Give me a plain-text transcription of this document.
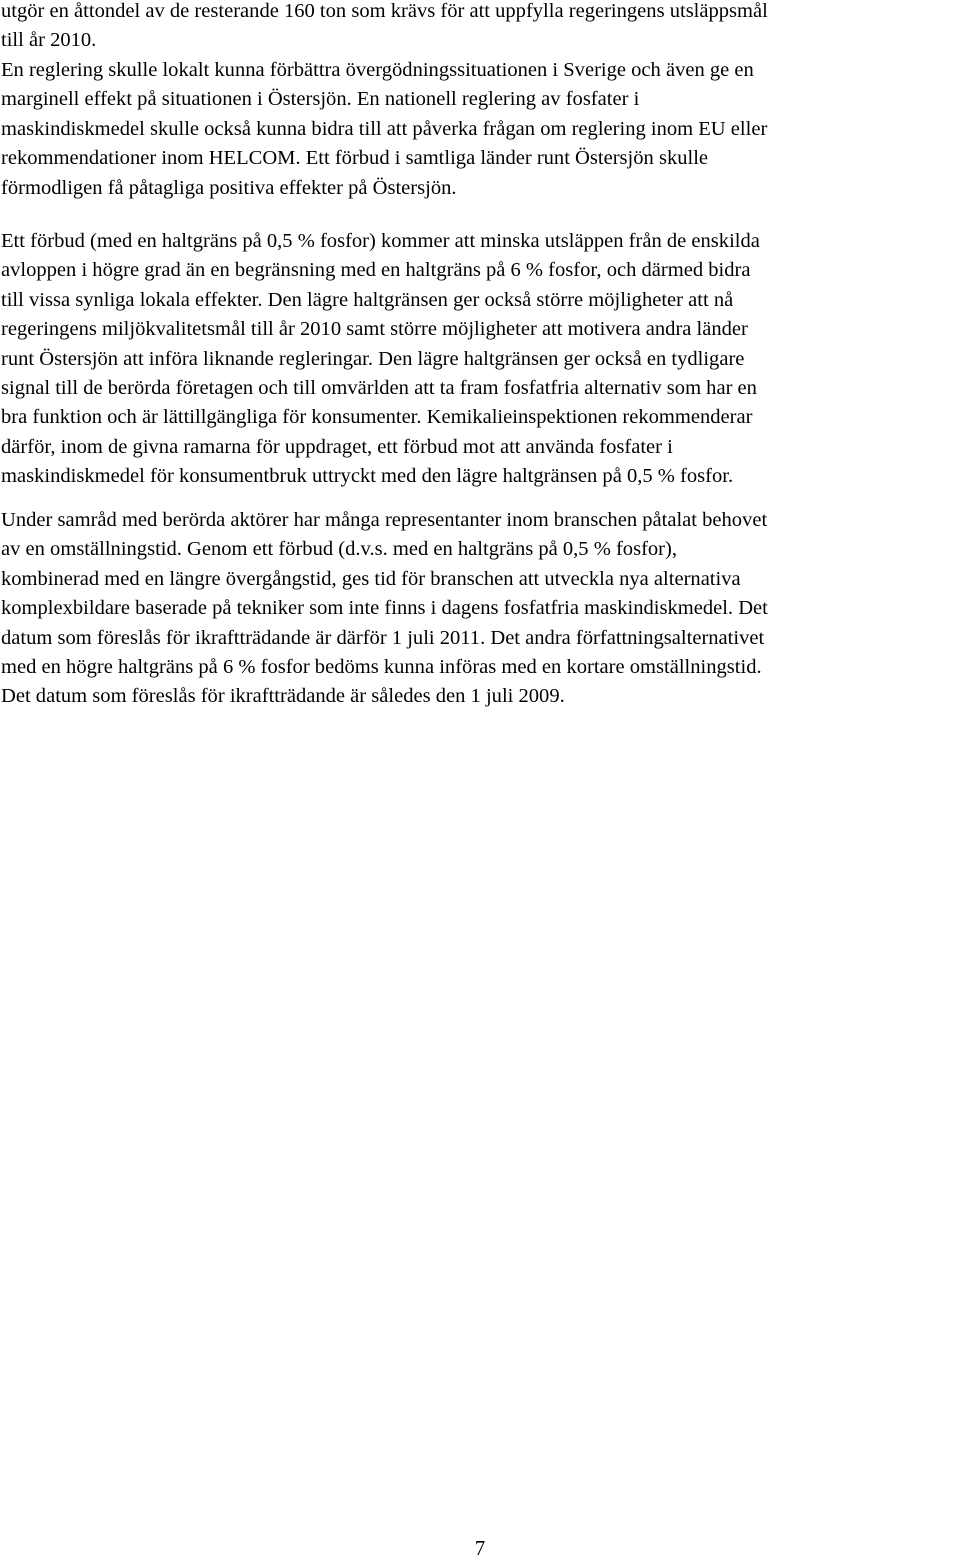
utgör en åttondel av de resterande 160 ton som krävs för att uppfylla regeringens utsläppsmål
till år 2010.

En reglering skulle lokalt kunna förbättra övergödningssituationen i Sverige och även ge en
marginell effekt på situationen i Östersjön. En nationell reglering av fosfater i
maskindiskmedel skulle också kunna bidra till att påverka frågan om reglering inom EU eller
rekommendationer inom HELCOM. Ett förbud i samtliga länder runt Östersjön skulle
förmodligen få påtagliga positiva effekter på Östersjön.

Ett förbud (med en haltgräns på 0,5 % fosfor) kommer att minska utsläppen från de enskilda
avloppen i högre grad än en begränsning med en haltgräns på 6 % fosfor, och därmed bidra
till vissa synliga lokala effekter. Den lägre haltgränsen ger också större möjligheter att nå
regeringens miljökvalitetsmål till år 2010 samt större möjligheter att motivera andra länder
runt Östersjön att införa liknande regleringar. Den lägre haltgränsen ger också en tydligare
signal till de berörda företagen och till omvärlden att ta fram fosfatfria alternativ som har en
bra funktion och är lättillgängliga för konsumenter. Kemikalieinspektionen rekommenderar
därför, inom de givna ramarna för uppdraget, ett förbud mot att använda fosfater i
maskindiskmedel för konsumentbruk uttryckt med den lägre haltgränsen på 0,5 % fosfor.

Under samråd med berörda aktörer har många representanter inom branschen påtalat behovet
av en omställningstid. Genom ett förbud (d.v.s. med en haltgräns på 0,5 % fosfor),
kombinerad med en längre övergångstid, ges tid för branschen att utveckla nya alternativa
komplexbildare baserade på tekniker som inte finns i dagens fosfatfria maskindiskmedel. Det
datum som föreslås för ikraftträdande är därför 1 juli 2011. Det andra författningsalternativet
med en högre haltgräns på 6 % fosfor bedöms kunna införas med en kortare omställningstid.
Det datum som föreslås för ikraftträdande är således den 1 juli 2009.

7
